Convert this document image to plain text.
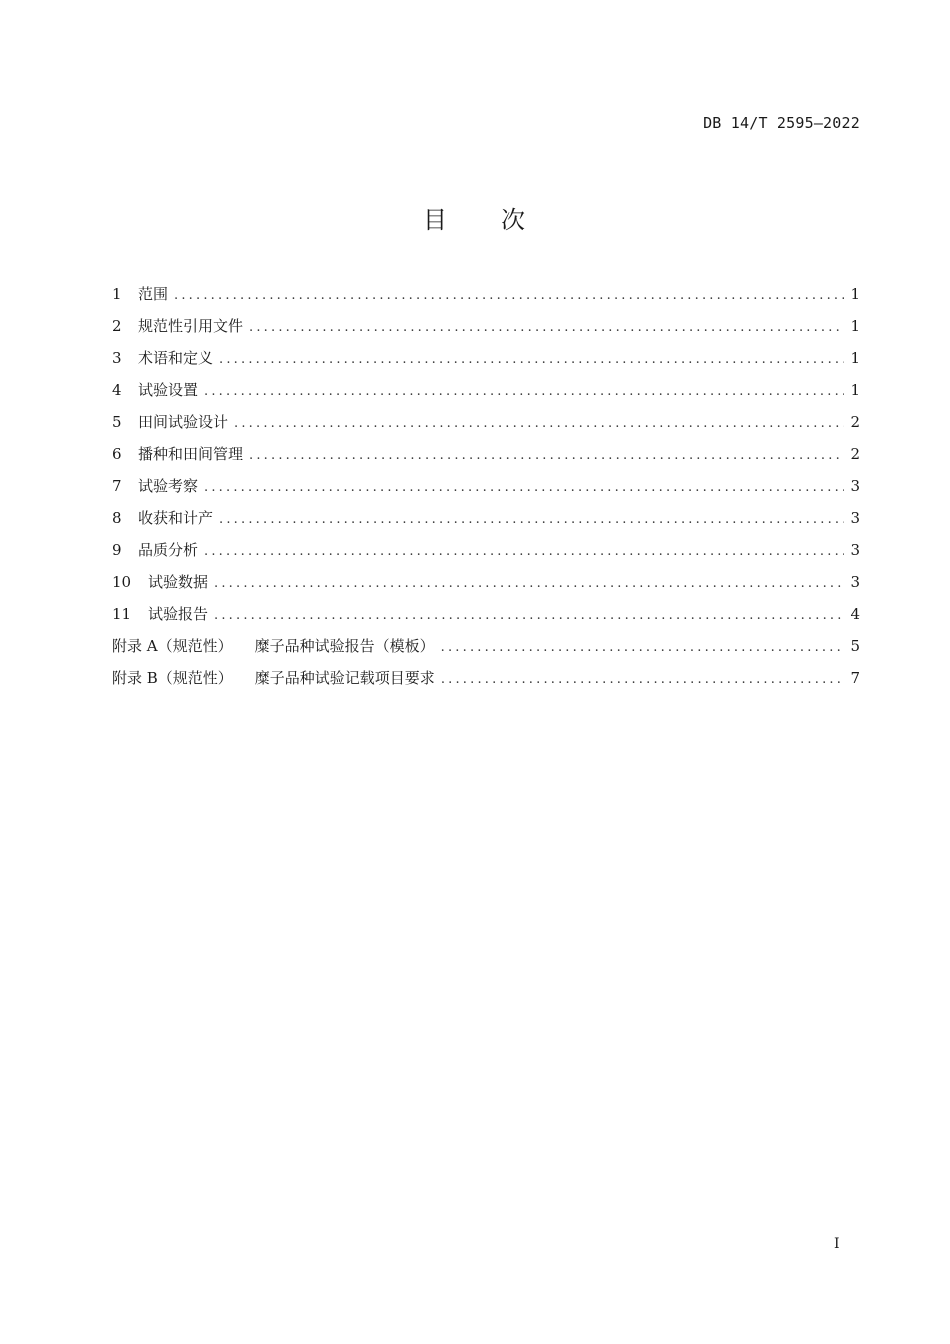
DB 14/T 2595—2022
目 次
1	范围 .....	1
2	规范性引用文件 .....	1
3	术语和定义 .....	1
4	试验设置 .....	1
5	田间试验设计 .....	2
6	播种和田间管理 .....	2
7	试验考察 .....	3
8	收获和计产 .....	3
9	品质分析 .....	3
10	试验数据 .....	3
11	试验报告 .....	4
附录 A（规范性） 糜子品种试验报告（模板） .....	5
附录 B（规范性） 糜子品种试验记载项目要求 .....	7
I
